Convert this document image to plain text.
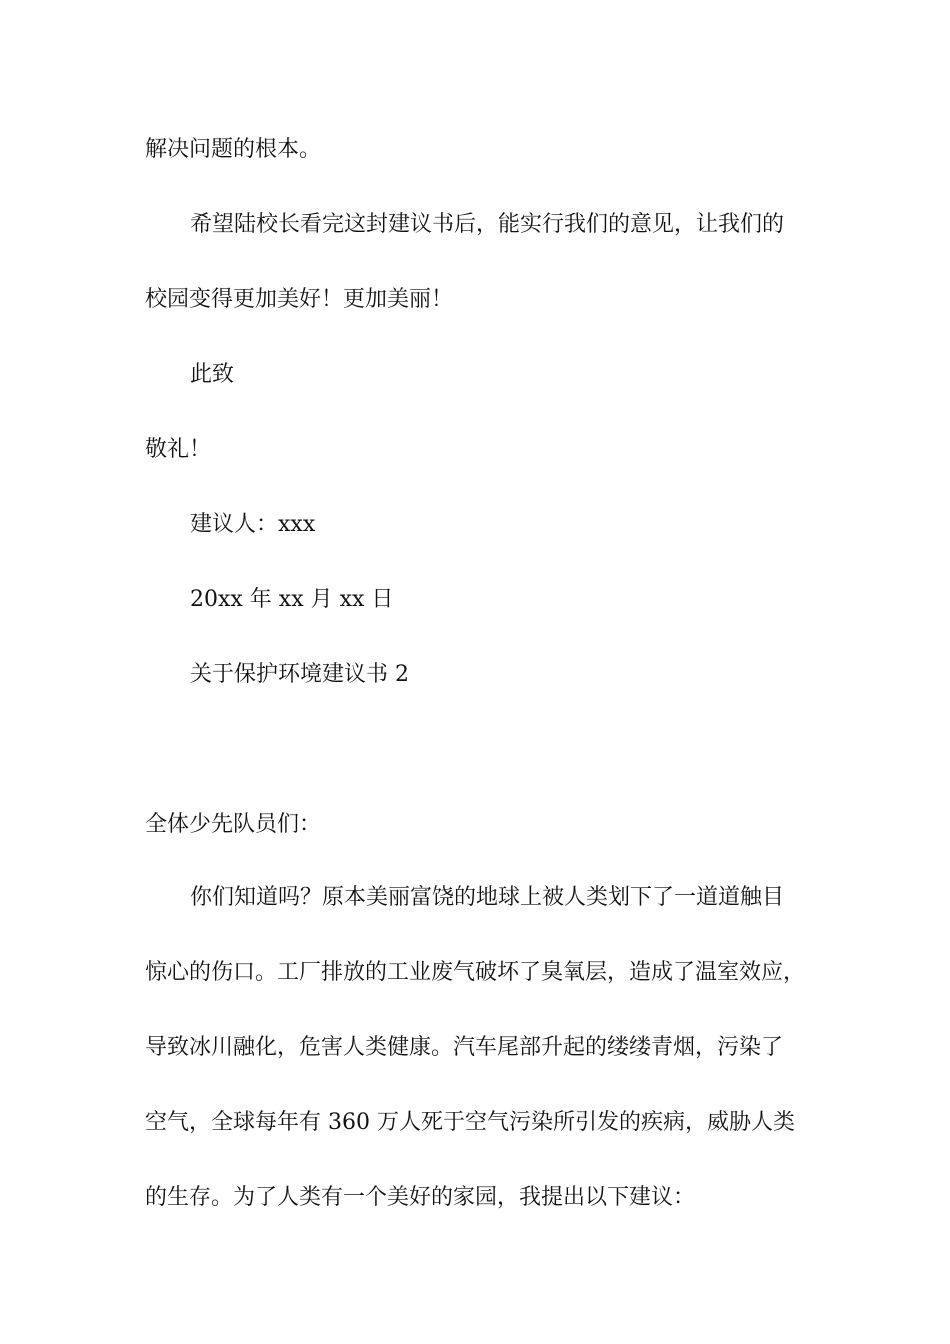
解决问题的根本。
希望陆校长看完这封建议书后，能实行我们的意见，让我们的
校园变得更加美好！更加美丽！
此致
敬礼！
建议人：xxx
20xx 年 xx 月 xx 日
关于保护环境建议书 2
全体少先队员们：
你们知道吗？原本美丽富饶的地球上被人类划下了一道道触目
惊心的伤口。工厂排放的工业废气破坏了臭氧层，造成了温室效应，
导致冰川融化，危害人类健康。汽车尾部升起的缕缕青烟，污染了
空气，全球每年有 360 万人死于空气污染所引发的疾病，威胁人类
的生存。为了人类有一个美好的家园，我提出以下建议：
